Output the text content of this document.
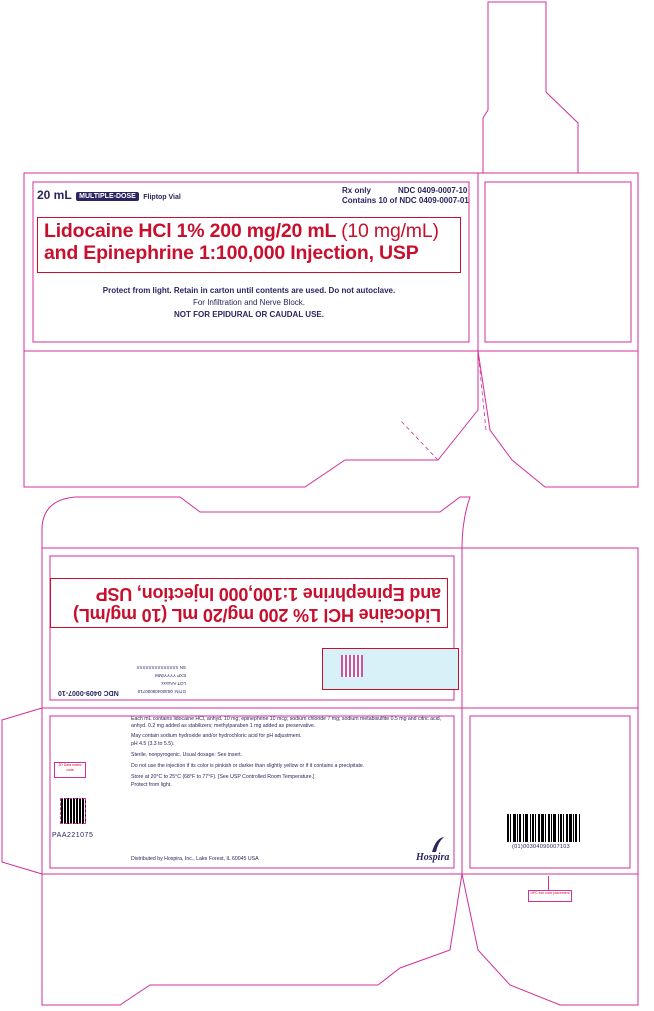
20 mL MULTIPLE-DOSE Fliptop Vial
Rx only	NDC 0409-0007-10
Contains 10 of NDC 0409-0007-01
Lidocaine HCl 1% 200 mg/20 mL (10 mg/mL)
and Epinephrine 1:100,000 Injection, USP
Protect from light. Retain in carton until contents are used. Do not autoclave.
For Infiltration and Nerve Block.
NOT FOR EPIDURAL OR CAUDAL USE.
NDC 0409-0007-10
Lidocaine HCl 1% 200 mg/20 mL (10 mg/mL)
and Epinephrine 1:100,000 Injection, USP
GTIN: 00300409000710
LOT AAxxxx
EXP YYYY/MM
SN XXXXXXXXXXXXXX
Each mL contains lidocaine HCl, anhyd. 10 mg; epinephrine 10 mcg; sodium chloride 7 mg; sodium metabisulfite 0.5 mg and citric acid, anhyd. 0.2 mg added as stabilizers; methylparaben 1 mg added as preservative.
May contain sodium hydroxide and/or hydrochloric acid for pH adjustment.
pH 4.5 (3.3 to 5.5).
Sterile, nonpyrogenic. Usual dosage: See insert.
Do not use the injection if its color is pinkish or darker than slightly yellow or if it contains a precipitate.
Store at 20°C to 25°C (68°F to 77°F). [See USP Controlled Room Temperature.]
Protect from light.
Distributed by Hospira, Inc., Lake Forest, IL 60045 USA	Hospira
2D Data matrix code
PAA221075
(01)00304090007103
UPC bar code placement
